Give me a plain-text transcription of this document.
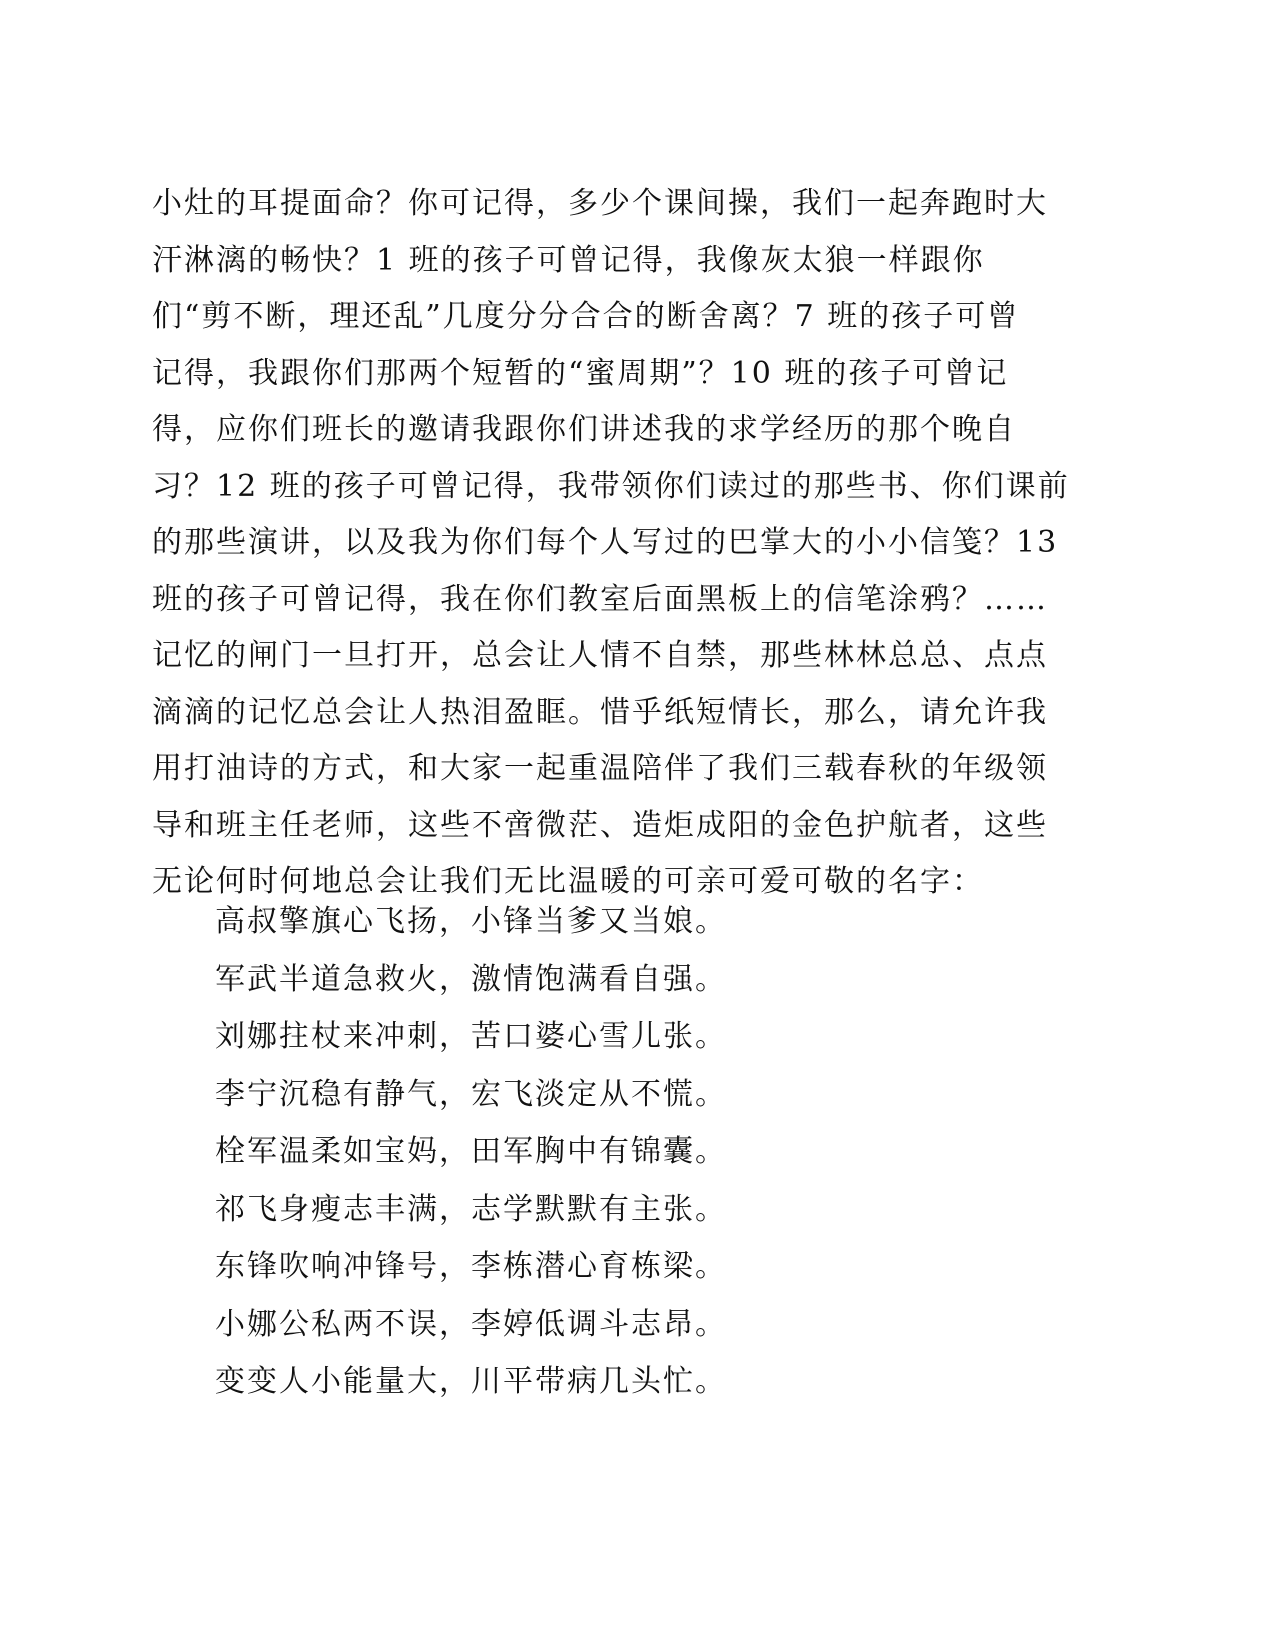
小灶的耳提面命？你可记得，多少个课间操，我们一起奔跑时大
汗淋漓的畅快？1 班的孩子可曾记得，我像灰太狼一样跟你
们“剪不断，理还乱”几度分分合合的断舍离？7 班的孩子可曾
记得，我跟你们那两个短暂的“蜜周期”？10 班的孩子可曾记
得，应你们班长的邀请我跟你们讲述我的求学经历的那个晚自
习？12 班的孩子可曾记得，我带领你们读过的那些书、你们课前
的那些演讲，以及我为你们每个人写过的巴掌大的小小信笺？13
班的孩子可曾记得，我在你们教室后面黑板上的信笔涂鸦？……
记忆的闸门一旦打开，总会让人情不自禁，那些林林总总、点点
滴滴的记忆总会让人热泪盈眶。惜乎纸短情长，那么，请允许我
用打油诗的方式，和大家一起重温陪伴了我们三载春秋的年级领
导和班主任老师，这些不啻微茫、造炬成阳的金色护航者，这些
无论何时何地总会让我们无比温暖的可亲可爱可敬的名字：
高叔擎旗心飞扬，小锋当爹又当娘。
军武半道急救火，激情饱满看自强。
刘娜拄杖来冲刺，苦口婆心雪儿张。
李宁沉稳有静气，宏飞淡定从不慌。
栓军温柔如宝妈，田军胸中有锦囊。
祁飞身瘦志丰满，志学默默有主张。
东锋吹响冲锋号，李栋潜心育栋梁。
小娜公私两不误，李婷低调斗志昂。
变变人小能量大，川平带病几头忙。
